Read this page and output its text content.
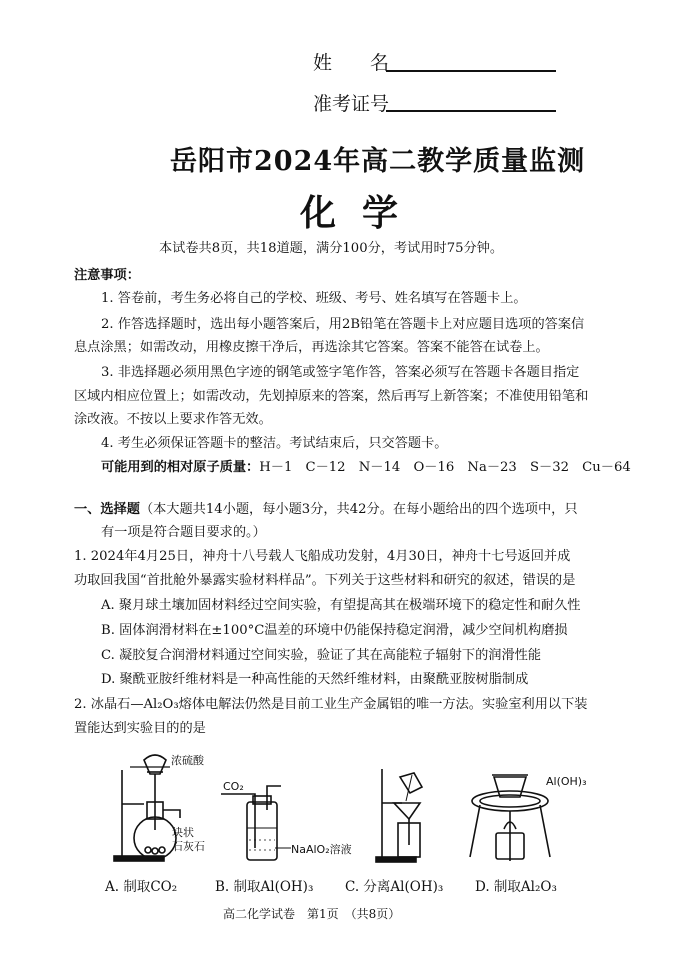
姓　　名
准考证号
岳阳市2024年高二教学质量监测
化学
本试卷共8页，共18道题，满分100分，考试用时75分钟。
注意事项：
1. 答卷前，考生务必将自己的学校、班级、考号、姓名填写在答题卡上。
2. 作答选择题时，选出每小题答案后，用2B铅笔在答题卡上对应题目选项的答案信
息点涂黑；如需改动，用橡皮擦干净后，再选涂其它答案。答案不能答在试卷上。
3. 非选择题必须用黑色字迹的钢笔或签字笔作答，答案必须写在答题卡各题目指定
区域内相应位置上；如需改动，先划掉原来的答案，然后再写上新答案；不准使用铅笔和
涂改液。不按以上要求作答无效。
4. 考生必须保证答题卡的整洁。考试结束后，只交答题卡。
可能用到的相对原子质量：H－1　C－12　N－14　O－16　Na－23　S－32　Cu－64
一、选择题（本大题共14小题，每小题3分，共42分。在每小题给出的四个选项中，只
有一项是符合题目要求的。）
1. 2024年4月25日，神舟十八号载人飞船成功发射，4月30日，神舟十七号返回并成
功取回我国“首批舱外暴露实验材料样品”。下列关于这些材料和研究的叙述，错误的是
A. 聚月球土壤加固材料经过空间实验，有望提高其在极端环境下的稳定性和耐久性
B. 固体润滑材料在±100°C温差的环境中仍能保持稳定润滑，减少空间机构磨损
C. 凝胶复合润滑材料通过空间实验，验证了其在高能粒子辐射下的润滑性能
D. 聚酰亚胺纤维材料是一种高性能的天然纤维材料，由聚酰亚胺树脂制成
2. 冰晶石—Al₂O₃熔体电解法仍然是目前工业生产金属铝的唯一方法。实验室利用以下装
置能达到实验目的的是
浓硫酸
块状
石灰石
CO₂
NaAlO₂溶液
Al(OH)₃
A. 制取CO₂	B. 制取Al(OH)₃ C. 分离Al(OH)₃ D. 制取Al₂O₃
高二化学试卷　第1页　（共8页）
